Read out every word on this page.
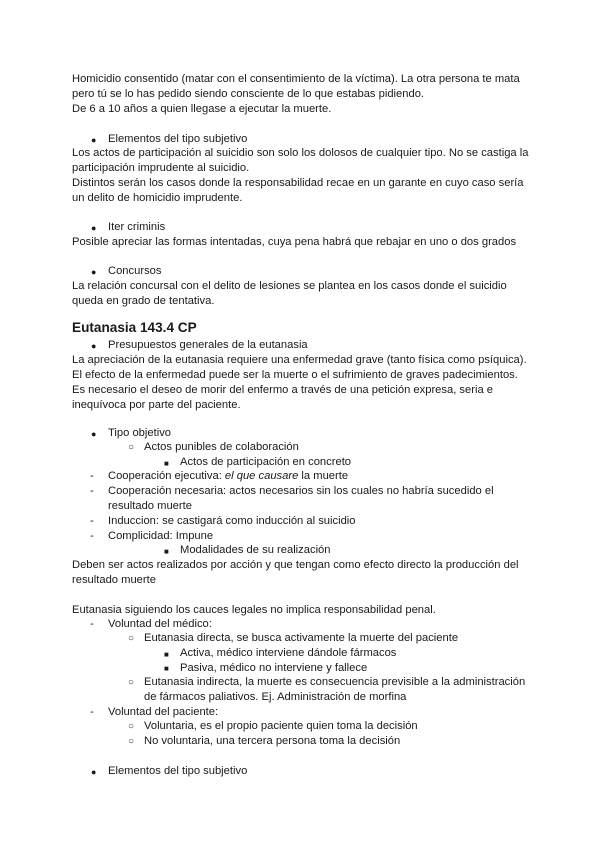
Homicidio consentido (matar con el consentimiento de la víctima). La otra persona te mata
pero tú se lo has pedido siendo consciente de lo que estabas pidiendo.
De 6 a 10 años a quien llegase a ejecutar la muerte.
● Elementos del tipo subjetivo
Los actos de participación al suicidio son solo los dolosos de cualquier tipo. No se castiga la
participación imprudente al suicidio.
Distintos serán los casos donde la responsabilidad recae en un garante en cuyo caso sería
un delito de homicidio imprudente.
● Iter criminis
Posible apreciar las formas intentadas, cuya pena habrá que rebajar en uno o dos grados
● Concursos
La relación concursal con el delito de lesiones se plantea en los casos donde el suicidio
queda en grado de tentativa.
Eutanasia 143.4 CP
● Presupuestos generales de la eutanasia
La apreciación de la eutanasia requiere una enfermedad grave (tanto física como psíquica).
El efecto de la enfermedad puede ser la muerte o el sufrimiento de graves padecimientos.
Es necesario el deseo de morir del enfermo a través de una petición expresa, seria e
inequívoca por parte del paciente.
● Tipo objetivo
○ Actos punibles de colaboración
■ Actos de participación en concreto
- Cooperación ejecutiva: el que causare la muerte
- Cooperación necesaria: actos necesarios sin los cuales no habría sucedido el
resultado muerte
- Induccion: se castigará como inducción al suicidio
- Complicidad: Impune
■ Modalidades de su realización
Deben ser actos realizados por acción y que tengan como efecto directo la producción del
resultado muerte
Eutanasia siguiendo los cauces legales no implica responsabilidad penal.
- Voluntad del médico:
○ Eutanasia directa, se busca activamente la muerte del paciente
■ Activa, médico interviene dándole fármacos
■ Pasiva, médico no interviene y fallece
○ Eutanasia indirecta, la muerte es consecuencia previsible a la administración
de fármacos paliativos. Ej. Administración de morfina
- Voluntad del paciente:
○ Voluntaria, es el propio paciente quien toma la decisión
○ No voluntaria, una tercera persona toma la decisión
● Elementos del tipo subjetivo
